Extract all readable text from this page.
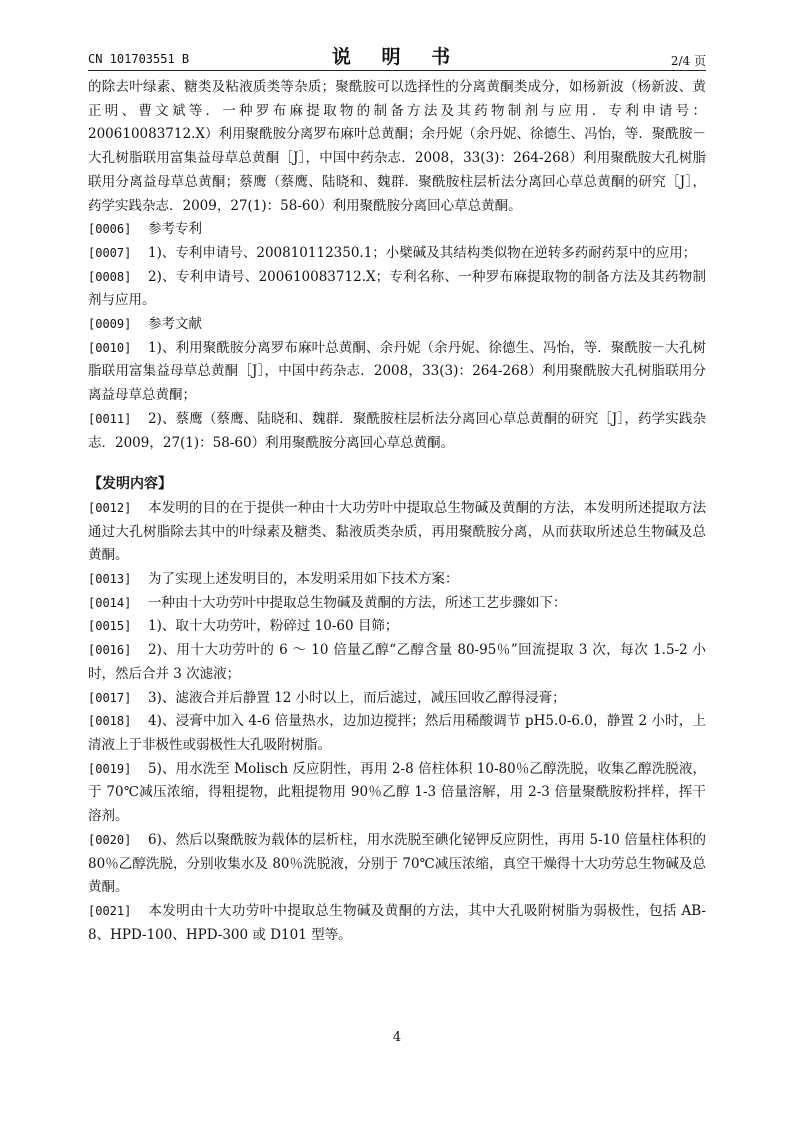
CN 101703551 B	说 明 书	2/4 页

的除去叶绿素、糖类及粘液质类等杂质；聚酰胺可以选择性的分离黄酮类成分，如杨新波（杨新波、黄正明、曹文斌等．一种罗布麻提取物的制备方法及其药物制剂与应用．专利申请号：200610083712.X）利用聚酰胺分离罗布麻叶总黄酮；余丹妮（余丹妮、徐德生、冯怡，等．聚酰胺－大孔树脂联用富集益母草总黄酮［J］，中国中药杂志．2008，33(3)：264-268）利用聚酰胺大孔树脂联用分离益母草总黄酮；蔡鹰（蔡鹰、陆晓和、魏群．聚酰胺柱层析法分离回心草总黄酮的研究［J］，药学实践杂志．2009，27(1)：58-60）利用聚酰胺分离回心草总黄酮。

[0006] 参考专利

[0007] 1)、专利申请号、200810112350.1；小檗碱及其结构类似物在逆转多药耐药泵中的应用；

[0008] 2)、专利申请号、200610083712.X；专利名称、一种罗布麻提取物的制备方法及其药物制剂与应用。

[0009] 参考文献

[0010] 1)、利用聚酰胺分离罗布麻叶总黄酮、余丹妮（余丹妮、徐德生、冯怡，等．聚酰胺－大孔树脂联用富集益母草总黄酮［J］，中国中药杂志．2008，33(3)：264-268）利用聚酰胺大孔树脂联用分离益母草总黄酮；

[0011] 2)、蔡鹰（蔡鹰、陆晓和、魏群．聚酰胺柱层析法分离回心草总黄酮的研究［J］，药学实践杂志．2009，27(1)：58-60）利用聚酰胺分离回心草总黄酮。

【发明内容】

[0012] 本发明的目的在于提供一种由十大功劳叶中提取总生物碱及黄酮的方法，本发明所述提取方法通过大孔树脂除去其中的叶绿素及糖类、黏液质类杂质，再用聚酰胺分离，从而获取所述总生物碱及总黄酮。

[0013] 为了实现上述发明目的，本发明采用如下技术方案：

[0014] 一种由十大功劳叶中提取总生物碱及黄酮的方法，所述工艺步骤如下：

[0015] 1)、取十大功劳叶，粉碎过 10-60 目筛；

[0016] 2)、用十大功劳叶的 6 ～ 10 倍量乙醇“乙醇含量 80-95％”回流提取 3 次，每次 1.5-2 小时，然后合并 3 次滤液；

[0017] 3)、滤液合并后静置 12 小时以上，而后滤过，减压回收乙醇得浸膏；

[0018] 4)、浸膏中加入 4-6 倍量热水，边加边搅拌；然后用稀酸调节 pH5.0-6.0，静置 2 小时，上清液上于非极性或弱极性大孔吸附树脂。

[0019] 5)、用水洗至 Molisch 反应阴性，再用 2-8 倍柱体积 10-80％乙醇洗脱，收集乙醇洗脱液，于 70℃减压浓缩，得粗提物，此粗提物用 90％乙醇 1-3 倍量溶解，用 2-3 倍量聚酰胺粉拌样，挥干溶剂。

[0020] 6)、然后以聚酰胺为载体的层析柱，用水洗脱至碘化铋钾反应阴性，再用 5-10 倍量柱体积的 80％乙醇洗脱，分别收集水及 80％洗脱液，分别于 70℃减压浓缩，真空干燥得十大功劳总生物碱及总黄酮。

[0021] 本发明由十大功劳叶中提取总生物碱及黄酮的方法，其中大孔吸附树脂为弱极性，包括 AB-8、HPD-100、HPD-300 或 D101 型等。

4
